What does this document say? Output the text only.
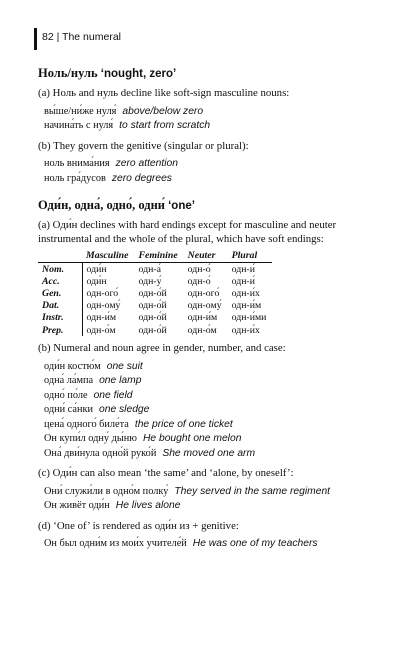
82 | The numeral
Ноль/нуль ‘nought, zero’

(a) Ноль and нуль decline like soft-sign masculine nouns:

вы́ше/ни́же нуля́ above/below zero
начина́ть с нуля́ to start from scratch

(b) They govern the genitive (singular or plural):

ноль внима́ния zero attention
ноль гра́дусов zero degrees
Оди́н, одна́, одно́, одни́ ‘one’

(a) Оди́н declines with hard endings except for masculine and neuter instrumental and the whole of the plural, which have soft endings:

	Masculine	Feminine	Neuter	Plural
Nom.	оди́н	одн-а́	одн-о́	одн-и́
Acc.	оди́н	одн-у́	одн-о́	одн-и́
Gen.	одн-ого́	одн-о́й	одн-ого́	одн-и́х
Dat.	одн-ому́	одн-о́й	одн-ому́	одн-и́м
Instr.	одн-и́м	одн-о́й	одн-и́м	одн-и́ми
Prep.	одн-о́м	одн-о́й	одн-о́м	одн-и́х

(b) Numeral and noun agree in gender, number, and case:

оди́н костю́м one suit
одна́ ла́мпа one lamp
одно́ по́ле one field
одни́ са́нки one sledge
цена́ одного́ биле́та the price of one ticket
Он купи́л одну́ ды́ню He bought one melon
Она́ дви́нула одно́й руко́й She moved one arm

(c) Оди́н can also mean ‘the same’ and ‘alone, by oneself’:

Они́ служи́ли в одно́м полку́ They served in the same regiment
Он живёт оди́н He lives alone

(d) ‘One of’ is rendered as оди́н из + genitive:

Он был одни́м из мои́х учителе́й He was one of my teachers
